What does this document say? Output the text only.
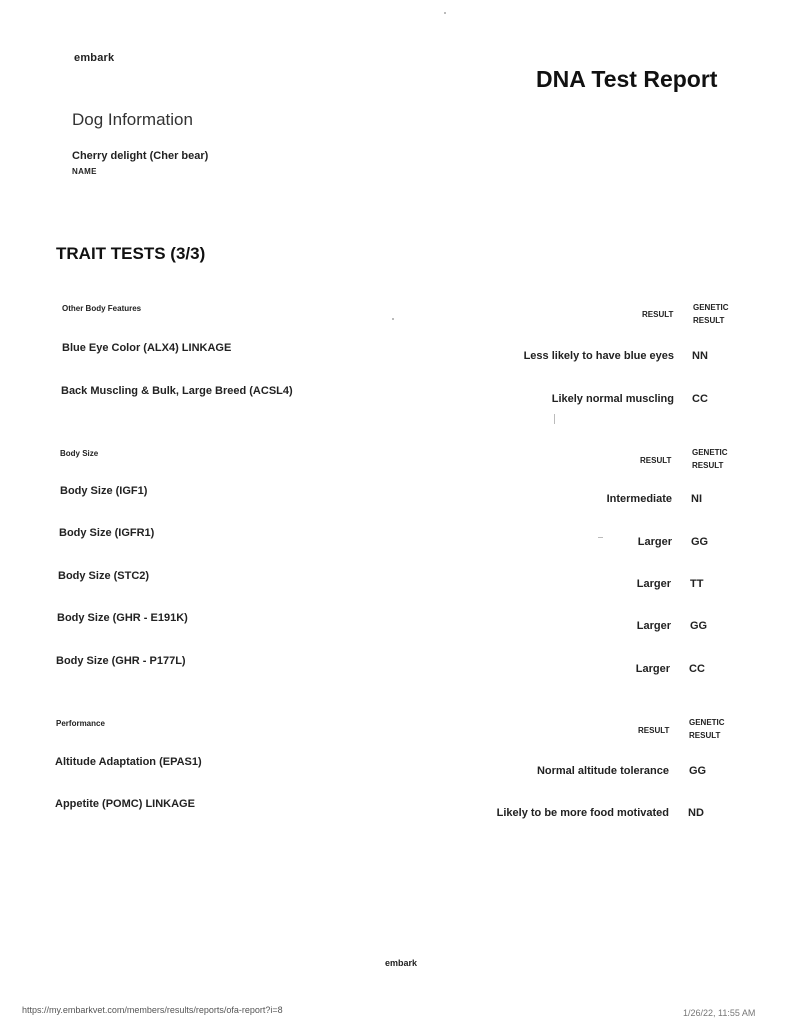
embark
DNA Test Report
Dog Information
Cherry delight (Cher bear)
NAME
TRAIT TESTS (3/3)
Other Body Features
RESULT
GENETIC
RESULT
Blue Eye Color (ALX4) LINKAGE
Less likely to have blue eyes NN
Back Muscling & Bulk, Large Breed (ACSL4)
Likely normal muscling CC
Body Size
RESULT
GENETIC
RESULT
Body Size (IGF1)
Intermediate NI
Body Size (IGFR1)
Larger GG
Body Size (STC2)
Larger TT
Body Size (GHR - E191K)
Larger GG
Body Size (GHR - P177L)
Larger CC
Performance
RESULT
GENETIC
RESULT
Altitude Adaptation (EPAS1)
Normal altitude tolerance GG
Appetite (POMC) LINKAGE
Likely to be more food motivated ND
embark
https://my.embarkvet.com/members/results/reports/ofa-report?i=8	1/26/22, 11:55 AM
